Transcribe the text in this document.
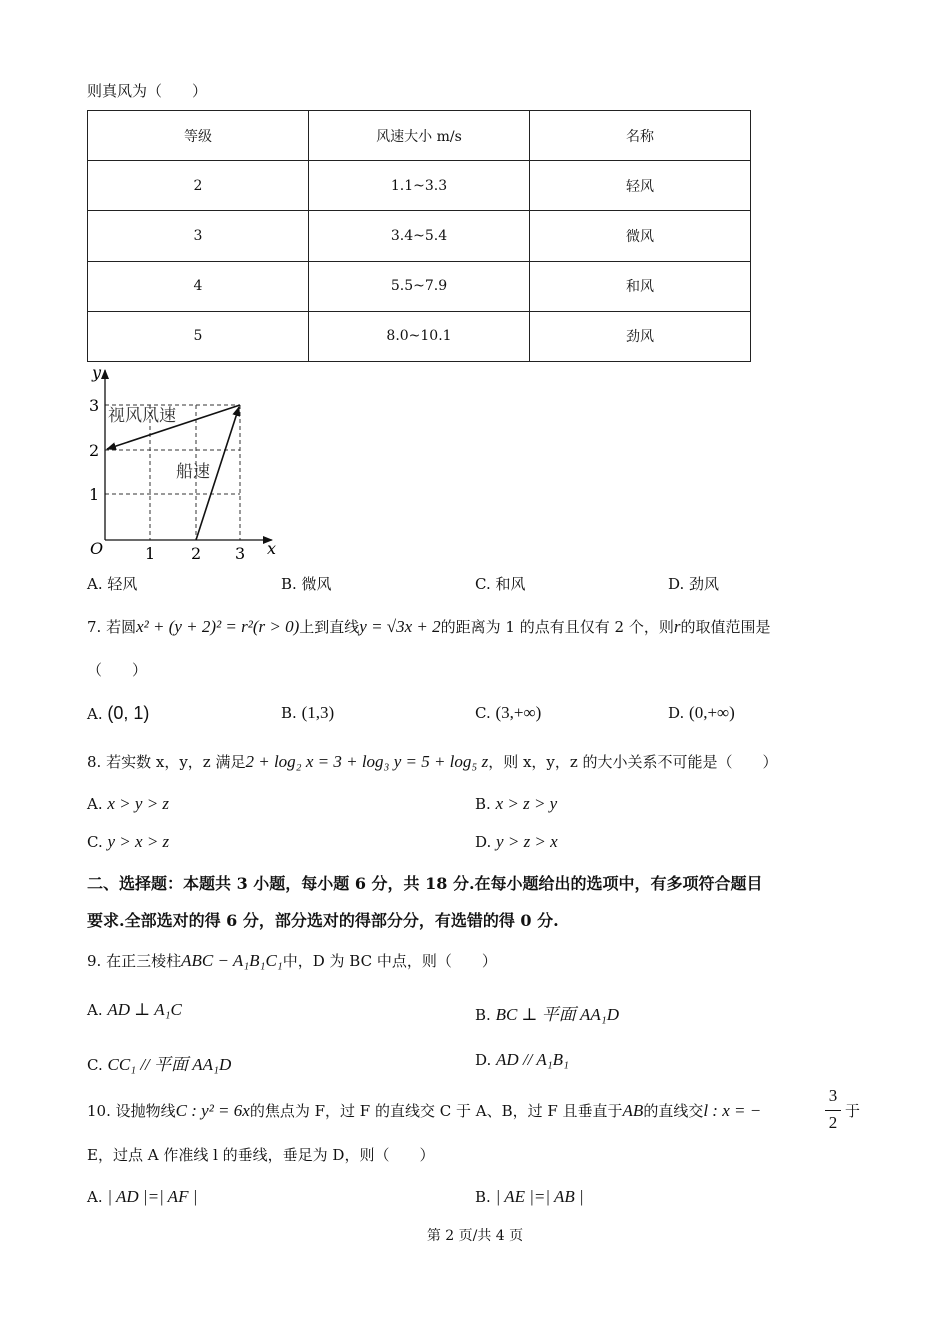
则真风为（　　）
等级	风速大小 m/s	名称
2	1.1~3.3	轻风
3	3.4~5.4	微风
4	5.5~7.9	和风
5	8.0~10.1	劲风
y
x
O
1
2
3
1 2 3
视风风速
船速
A. 轻风	B. 微风	C. 和风	D. 劲风
7. 若圆x² + (y + 2)² = r²(r > 0)上到直线y = √3x + 2的距离为 1 的点有且仅有 2 个，则r的取值范围是
（　　）
A. (0, 1)	B. (1,3)	C. (3,+∞)	D. (0,+∞)
8. 若实数 x，y，z 满足2 + log₂ x = 3 + log₃ y = 5 + log₅ z，则 x，y，z 的大小关系不可能是（　　）
A. x > y > z	B. x > z > y
C. y > x > z	D. y > z > x
二、选择题：本题共 3 小题，每小题 6 分，共 18 分.在每小题给出的选项中，有多项符合题目
要求.全部选对的得 6 分，部分选对的得部分分，有选错的得 0 分.
9. 在正三棱柱ABC − A₁B₁C₁中，D 为 BC 中点，则（　　）
A. AD ⊥ A₁C	B. BC ⊥ 平面 AA₁D
C. CC₁ // 平面 AA₁D	D. AD // A₁B₁
10. 设抛物线C : y² = 6x的焦点为 F，过 F 的直线交 C 于 A、B，过 F 且垂直于AB的直线交l : x = −
3
2
于
E，过点 A 作准线 l 的垂线，垂足为 D，则（　　）
A. | AD |=| AF |	B. | AE |=| AB |
第 2 页/共 4 页
